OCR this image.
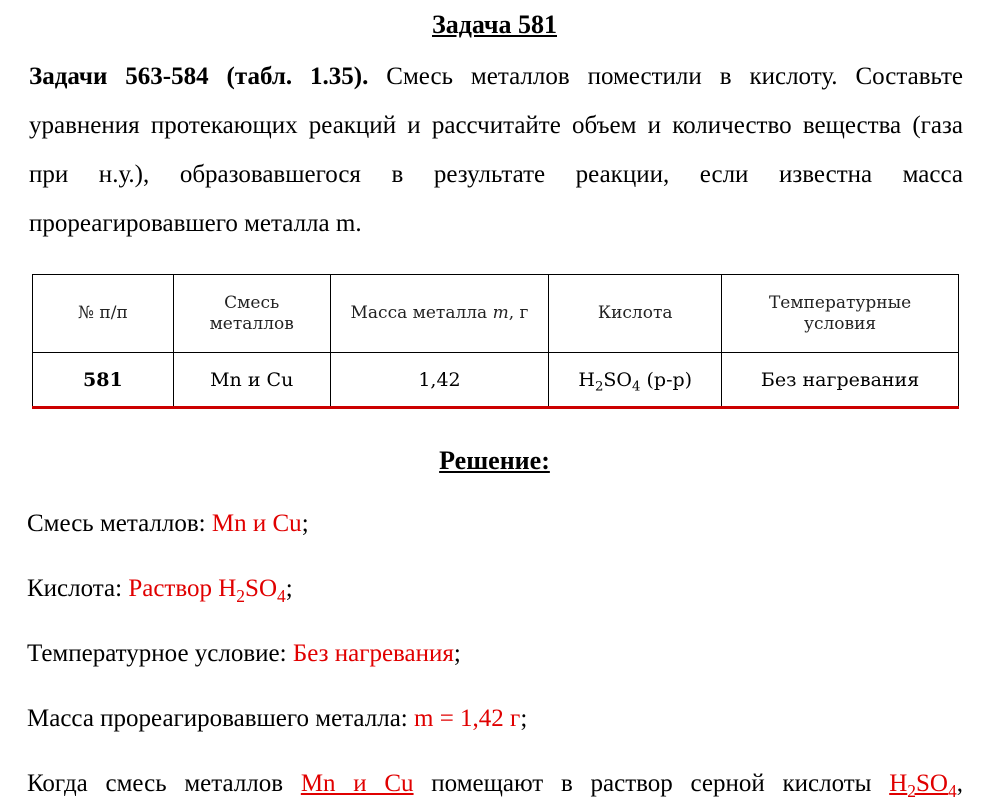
Задача 581
Задачи 563-584 (табл. 1.35). Смесь металлов поместили в кислоту. Составьте уравнения протекающих реакций и рассчитайте объем и количество вещества (газа при н.у.), образовавшегося в результате реакции, если известна масса прореагировавшего металла m.
№ п/п	Смесь металлов	Масса металла m, г	Кислота	Температурные условия

581	Mn и Cu	1,42	$H_2SO_4$ (р-р)	Без нагревания
Решение:
Смесь металлов: Mn и Cu;
Кислота: Раствор $H_2SO_4$;
Температурное условие: Без нагревания;
Масса прореагировавшего металла: m = 1,42 г;
Когда смесь металлов Mn и Cu помещают в раствор серной кислоты $H_2SO_4$,
